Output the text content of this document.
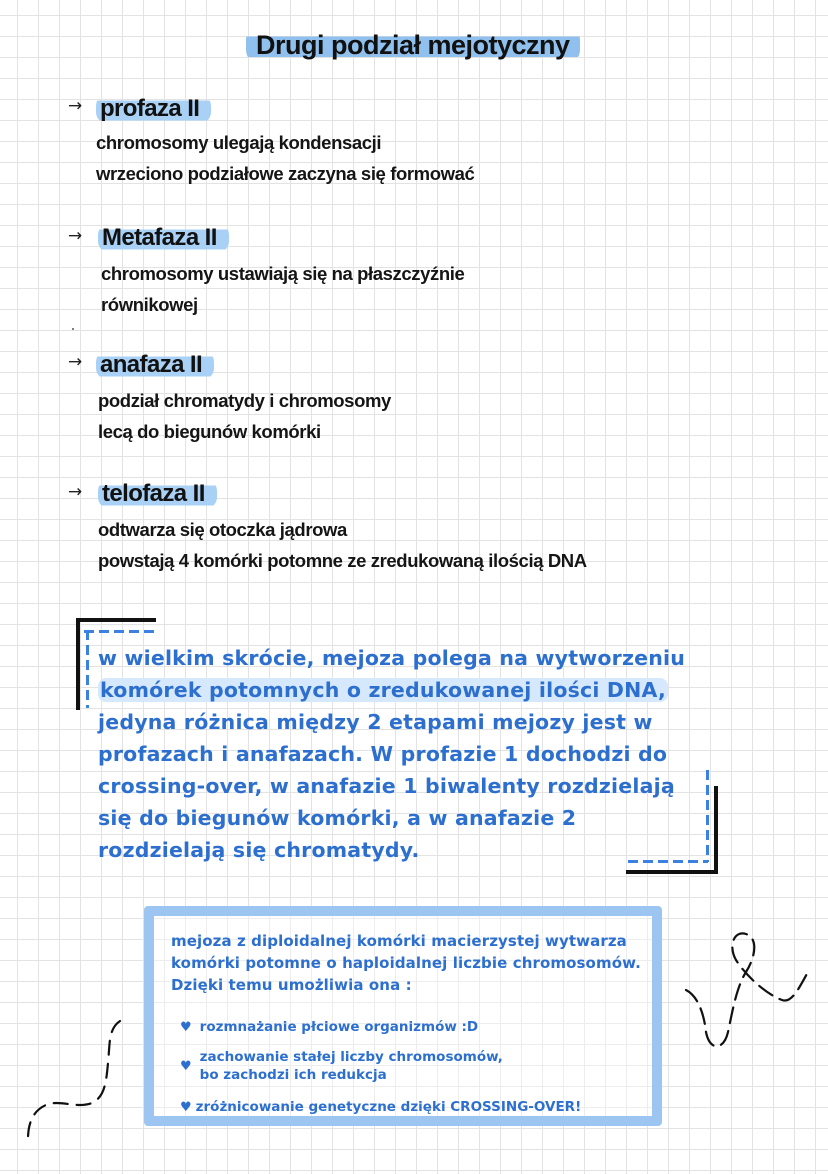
Drugi podział mejotyczny
→ profaza II
chromosomy ulegają kondensacji
wrzeciono podziałowe zaczyna się formować
→ Metafaza II
chromosomy ustawiają się na płaszczyźnie
równikowej
→ anafaza II
podział chromatydy i chromosomy
lecą do biegunów komórki
→ telofaza II
odtwarza się otoczka jądrowa
powstają 4 komórki potomne ze zredukowaną ilością DNA
w wielkim skrócie, mejoza polega na wytworzeniu
komórek potomnych o zredukowanej ilości DNA,
jedyna różnica między 2 etapami mejozy jest w
profazach i anafazach. W profazie 1 dochodzi do
crossing-over, w anafazie 1 biwalenty rozdzielają
się do biegunów komórki, a w anafazie 2
rozdzielają się chromatydy.
mejoza z diploidalnej komórki macierzystej wytwarza
komórki potomne o haploidalnej liczbie chromosomów.
Dzięki temu umożliwia ona :
♥ rozmnażanie płciowe organizmów :D
♥
zachowanie stałej liczby chromosomów,
bo zachodzi ich redukcja
♥ zróżnicowanie genetyczne dzięki CROSSING-OVER!
